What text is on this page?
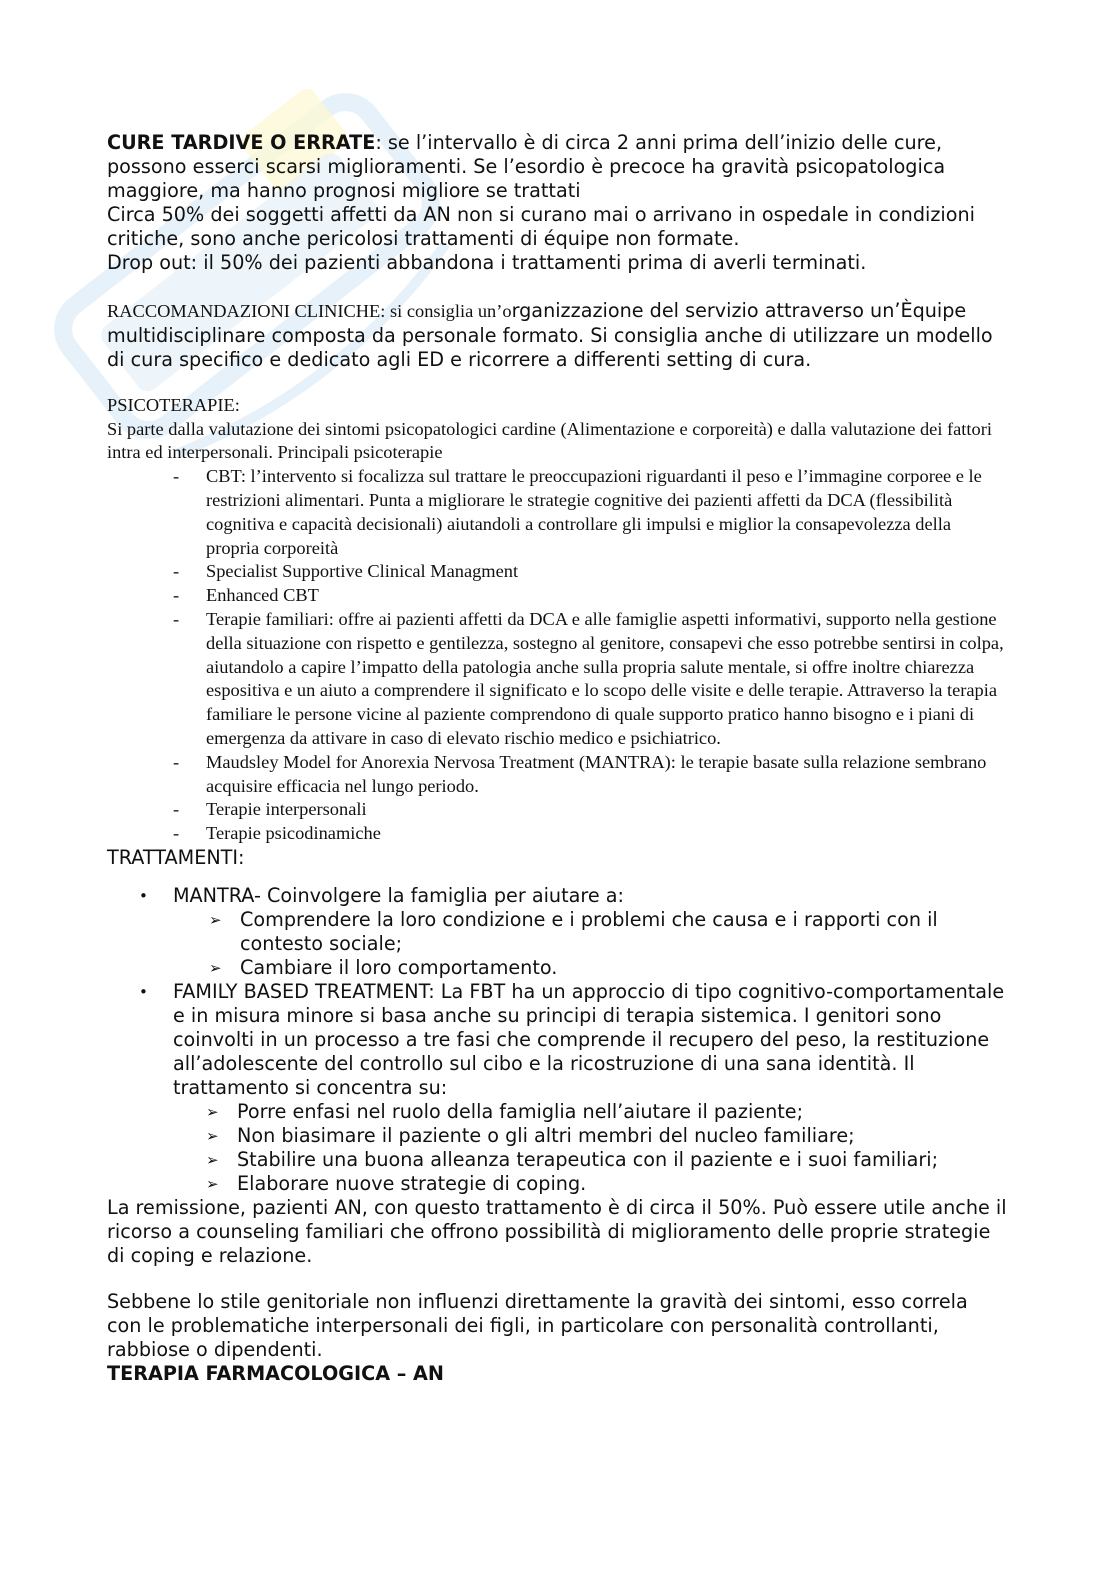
CURE TARDIVE O ERRATE: se l’intervallo è di circa 2 anni prima dell’inizio delle cure, possono esserci scarsi miglioramenti. Se l’esordio è precoce ha gravità psicopatologica maggiore, ma hanno prognosi migliore se trattati

Circa 50% dei soggetti affetti da AN non si curano mai o arrivano in ospedale in condizioni critiche, sono anche pericolosi trattamenti di équipe non formate.

Drop out: il 50% dei pazienti abbandona i trattamenti prima di averli terminati.

RACCOMANDAZIONI CLINICHE: si consiglia un’organizzazione del servizio attraverso un’Èquipe multidisciplinare composta da personale formato. Si consiglia anche di utilizzare un modello di cura specifico e dedicato agli ED e ricorrere a differenti setting di cura.

PSICOTERAPIE:

Si parte dalla valutazione dei sintomi psicopatologici cardine (Alimentazione e corporeità) e dalla valutazione dei fattori intra ed interpersonali. Principali psicoterapie

- CBT: l’intervento si focalizza sul trattare le preoccupazioni riguardanti il peso e l’immagine corporee e le restrizioni alimentari. Punta a migliorare le strategie cognitive dei pazienti affetti da DCA (flessibilità cognitiva e capacità decisionali) aiutandoli a controllare gli impulsi e miglior la consapevolezza della propria corporeità
- Specialist Supportive Clinical Managment
- Enhanced CBT
- Terapie familiari: offre ai pazienti affetti da DCA e alle famiglie aspetti informativi, supporto nella gestione della situazione con rispetto e gentilezza, sostegno al genitore, consapevi che esso potrebbe sentirsi in colpa, aiutandolo a capire l’impatto della patologia anche sulla propria salute mentale, si offre inoltre chiarezza espositiva e un aiuto a comprendere il significato e lo scopo delle visite e delle terapie. Attraverso la terapia familiare le persone vicine al paziente comprendono di quale supporto pratico hanno bisogno e i piani di emergenza da attivare in caso di elevato rischio medico e psichiatrico.
- Maudsley Model for Anorexia Nervosa Treatment (MANTRA): le terapie basate sulla relazione sembrano acquisire efficacia nel lungo periodo.
- Terapie interpersonali
- Terapie psicodinamiche

TRATTAMENTI:

• MANTRA- Coinvolgere la famiglia per aiutare a:
➢ Comprendere la loro condizione e i problemi che causa e i rapporti con il contesto sociale;
➢ Cambiare il loro comportamento.
• FAMILY BASED TREATMENT: La FBT ha un approccio di tipo cognitivo-comportamentale e in misura minore si basa anche su principi di terapia sistemica. I genitori sono coinvolti in un processo a tre fasi che comprende il recupero del peso, la restituzione all’adolescente del controllo sul cibo e la ricostruzione di una sana identità. Il trattamento si concentra su:
➢ Porre enfasi nel ruolo della famiglia nell’aiutare il paziente;
➢ Non biasimare il paziente o gli altri membri del nucleo familiare;
➢ Stabilire una buona alleanza terapeutica con il paziente e i suoi familiari;
➢ Elaborare nuove strategie di coping.

La remissione, pazienti AN, con questo trattamento è di circa il 50%. Può essere utile anche il ricorso a counseling familiari che offrono possibilità di miglioramento delle proprie strategie di coping e relazione.

Sebbene lo stile genitoriale non influenzi direttamente la gravità dei sintomi, esso correla con le problematiche interpersonali dei figli, in particolare con personalità controllanti, rabbiose o dipendenti.

TERAPIA FARMACOLOGICA – AN
